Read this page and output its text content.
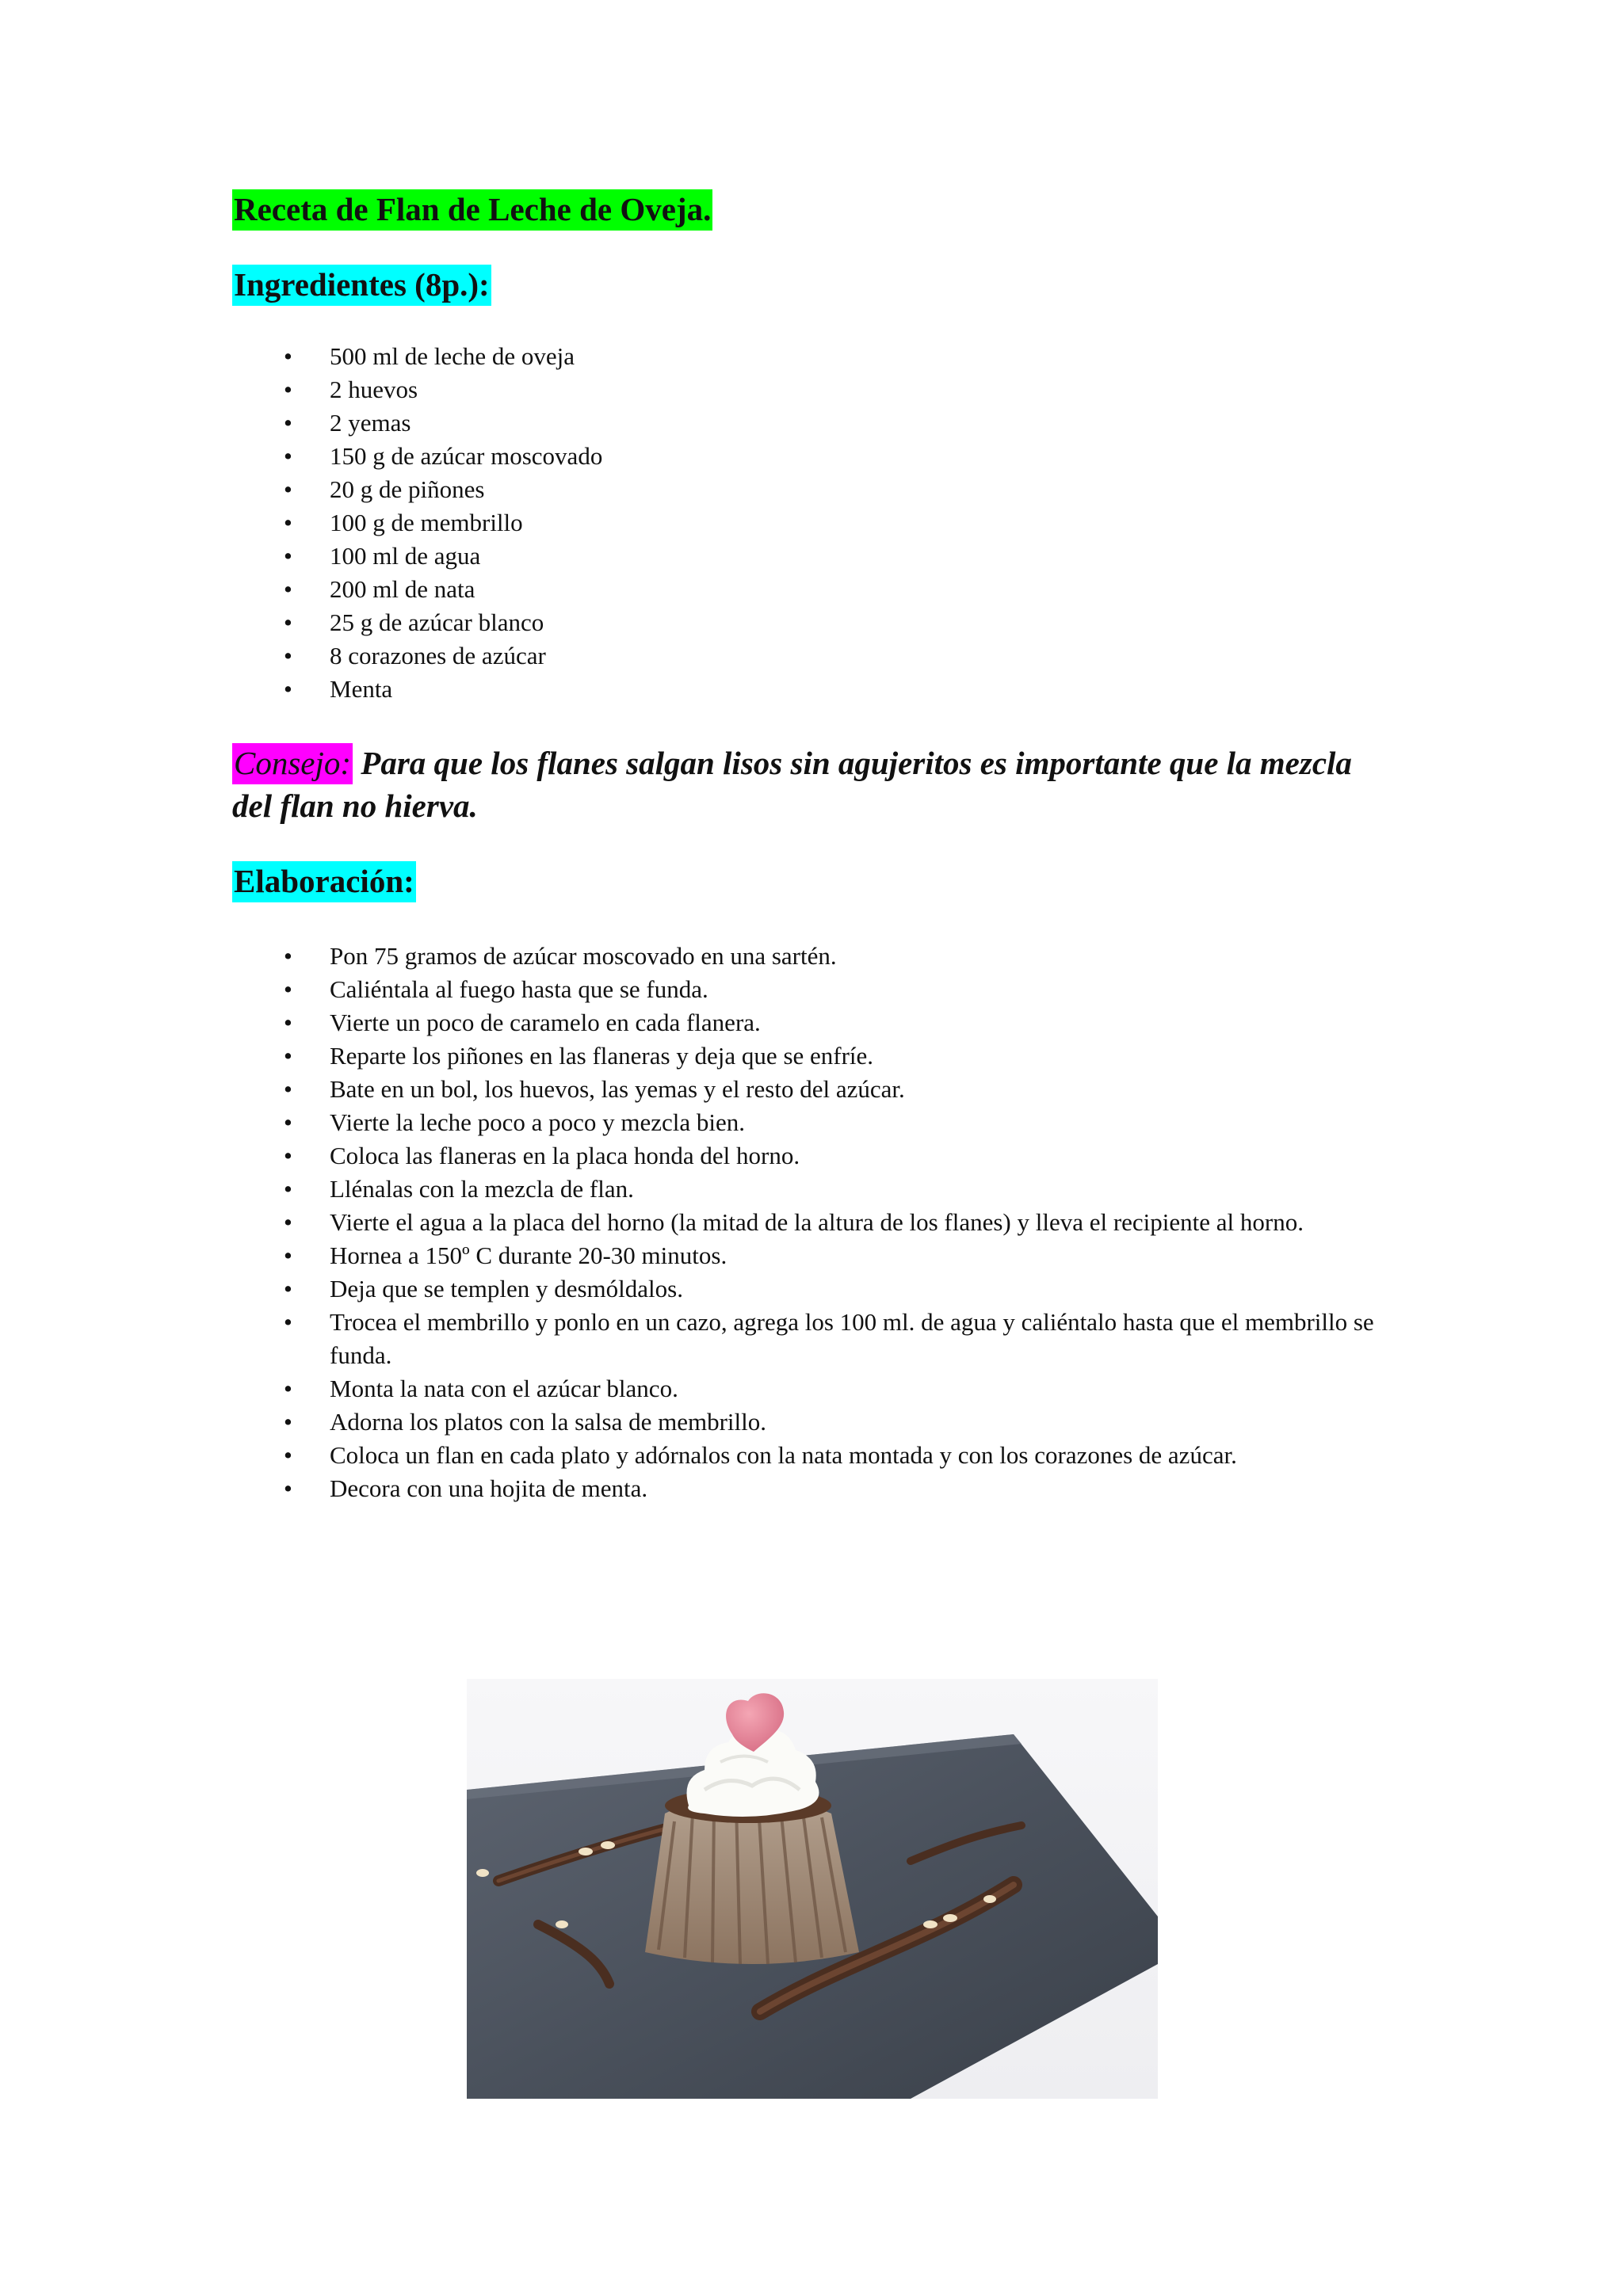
Receta de Flan de Leche de Oveja.
Ingredientes (8p.):
• 500 ml de leche de oveja
• 2 huevos
• 2 yemas
• 150 g de azúcar moscovado
• 20 g de piñones
• 100 g de membrillo
• 100 ml de agua
• 200 ml de nata
• 25 g de azúcar blanco
• 8 corazones de azúcar
• Menta

Consejo: Para que los flanes salgan lisos sin agujeritos es importante que la mezcla del flan no hierva.

Elaboración:
• Pon 75 gramos de azúcar moscovado en una sartén.
• Caliéntala al fuego hasta que se funda.
• Vierte un poco de caramelo en cada flanera.
• Reparte los piñones en las flaneras y deja que se enfríe.
• Bate en un bol, los huevos, las yemas y el resto del azúcar.
• Vierte la leche poco a poco y mezcla bien.
• Coloca las flaneras en la placa honda del horno.
• Llénalas con la mezcla de flan.
• Vierte el agua a la placa del horno (la mitad de la altura de los flanes) y lleva el recipiente al horno.
• Hornea a 150º C durante 20-30 minutos.
• Deja que se templen y desmóldalos.
• Trocea el membrillo y ponlo en un cazo, agrega los 100 ml. de agua y caliéntalo hasta que el membrillo se funda.
• Monta la nata con el azúcar blanco.
• Adorna los platos con la salsa de membrillo.
• Coloca un flan en cada plato y adórnalos con la nata montada y con los corazones de azúcar.
• Decora con una hojita de menta.
